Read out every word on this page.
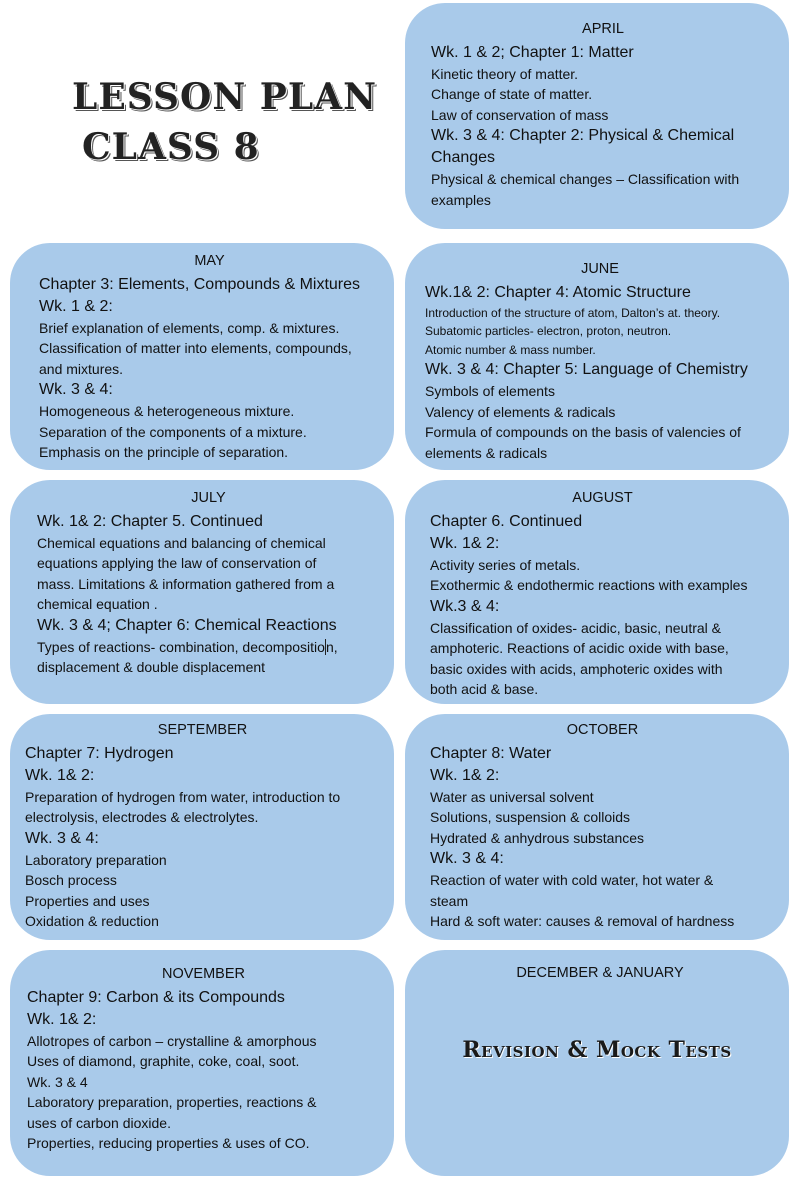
LESSON PLAN
CLASS 8
APRIL
Wk. 1 & 2; Chapter 1: Matter
Kinetic theory of matter.
Change of state of matter.
Law of conservation of mass
Wk. 3 & 4: Chapter 2: Physical & Chemical
Changes
Physical & chemical changes – Classification with
examples
MAY
Chapter 3: Elements, Compounds & Mixtures
Wk. 1 & 2:
Brief explanation of elements, comp. & mixtures.
Classification of matter into elements, compounds,
and mixtures.
Wk. 3 & 4:
Homogeneous & heterogeneous mixture.
Separation of the components of a mixture.
Emphasis on the principle of separation.
JUNE
Wk.1& 2: Chapter 4: Atomic Structure
Introduction of the structure of atom, Dalton’s at. theory.
Subatomic particles- electron, proton, neutron.
Atomic number & mass number.
Wk. 3 & 4: Chapter 5: Language of Chemistry
Symbols of elements
Valency of elements & radicals
Formula of compounds on the basis of valencies of
elements & radicals
JULY
Wk. 1& 2: Chapter 5. Continued
Chemical equations and balancing of chemical
equations applying the law of conservation of
mass. Limitations & information gathered from a
chemical equation .
Wk. 3 & 4; Chapter 6: Chemical Reactions
Types of reactions- combination, decomposition,
displacement & double displacement
AUGUST
Chapter 6. Continued
Wk. 1& 2:
Activity series of metals.
Exothermic & endothermic reactions with examples
Wk.3 & 4:
Classification of oxides- acidic, basic, neutral &
amphoteric. Reactions of acidic oxide with base,
basic oxides with acids, amphoteric oxides with
both acid & base.
SEPTEMBER
Chapter 7: Hydrogen
Wk. 1& 2:
Preparation of hydrogen from water, introduction to
electrolysis, electrodes & electrolytes.
Wk. 3 & 4:
Laboratory preparation
Bosch process
Properties and uses
Oxidation & reduction
OCTOBER
Chapter 8: Water
Wk. 1& 2:
Water as universal solvent
Solutions, suspension & colloids
Hydrated & anhydrous substances
Wk. 3 & 4:
Reaction of water with cold water, hot water &
steam
Hard & soft water: causes & removal of hardness
NOVEMBER
Chapter 9: Carbon & its Compounds
Wk. 1& 2:
Allotropes of carbon – crystalline & amorphous
Uses of diamond, graphite, coke, coal, soot.
Wk. 3 & 4
Laboratory preparation, properties, reactions &
uses of carbon dioxide.
Properties, reducing properties & uses of CO.
DECEMBER & JANUARY
Revision & Mock Tests
